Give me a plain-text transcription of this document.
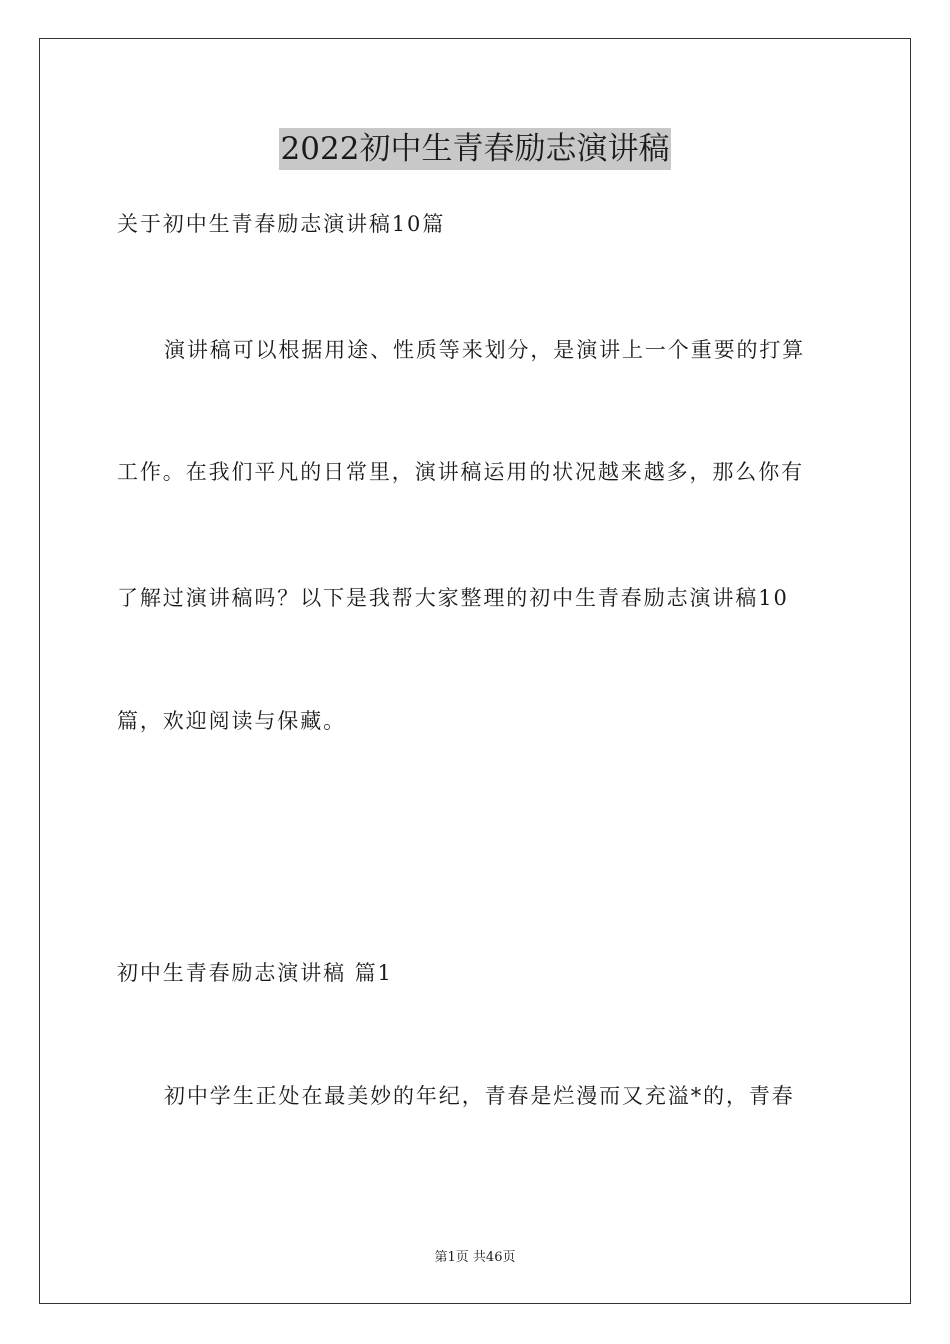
2022初中生青春励志演讲稿
关于初中生青春励志演讲稿10篇
演讲稿可以根据用途、性质等来划分，是演讲上一个重要的打算
工作。在我们平凡的日常里，演讲稿运用的状况越来越多，那么你有
了解过演讲稿吗？以下是我帮大家整理的初中生青春励志演讲稿10
篇，欢迎阅读与保藏。
初中生青春励志演讲稿 篇1
初中学生正处在最美妙的年纪，青春是烂漫而又充溢*的，青春
第1页 共46页
